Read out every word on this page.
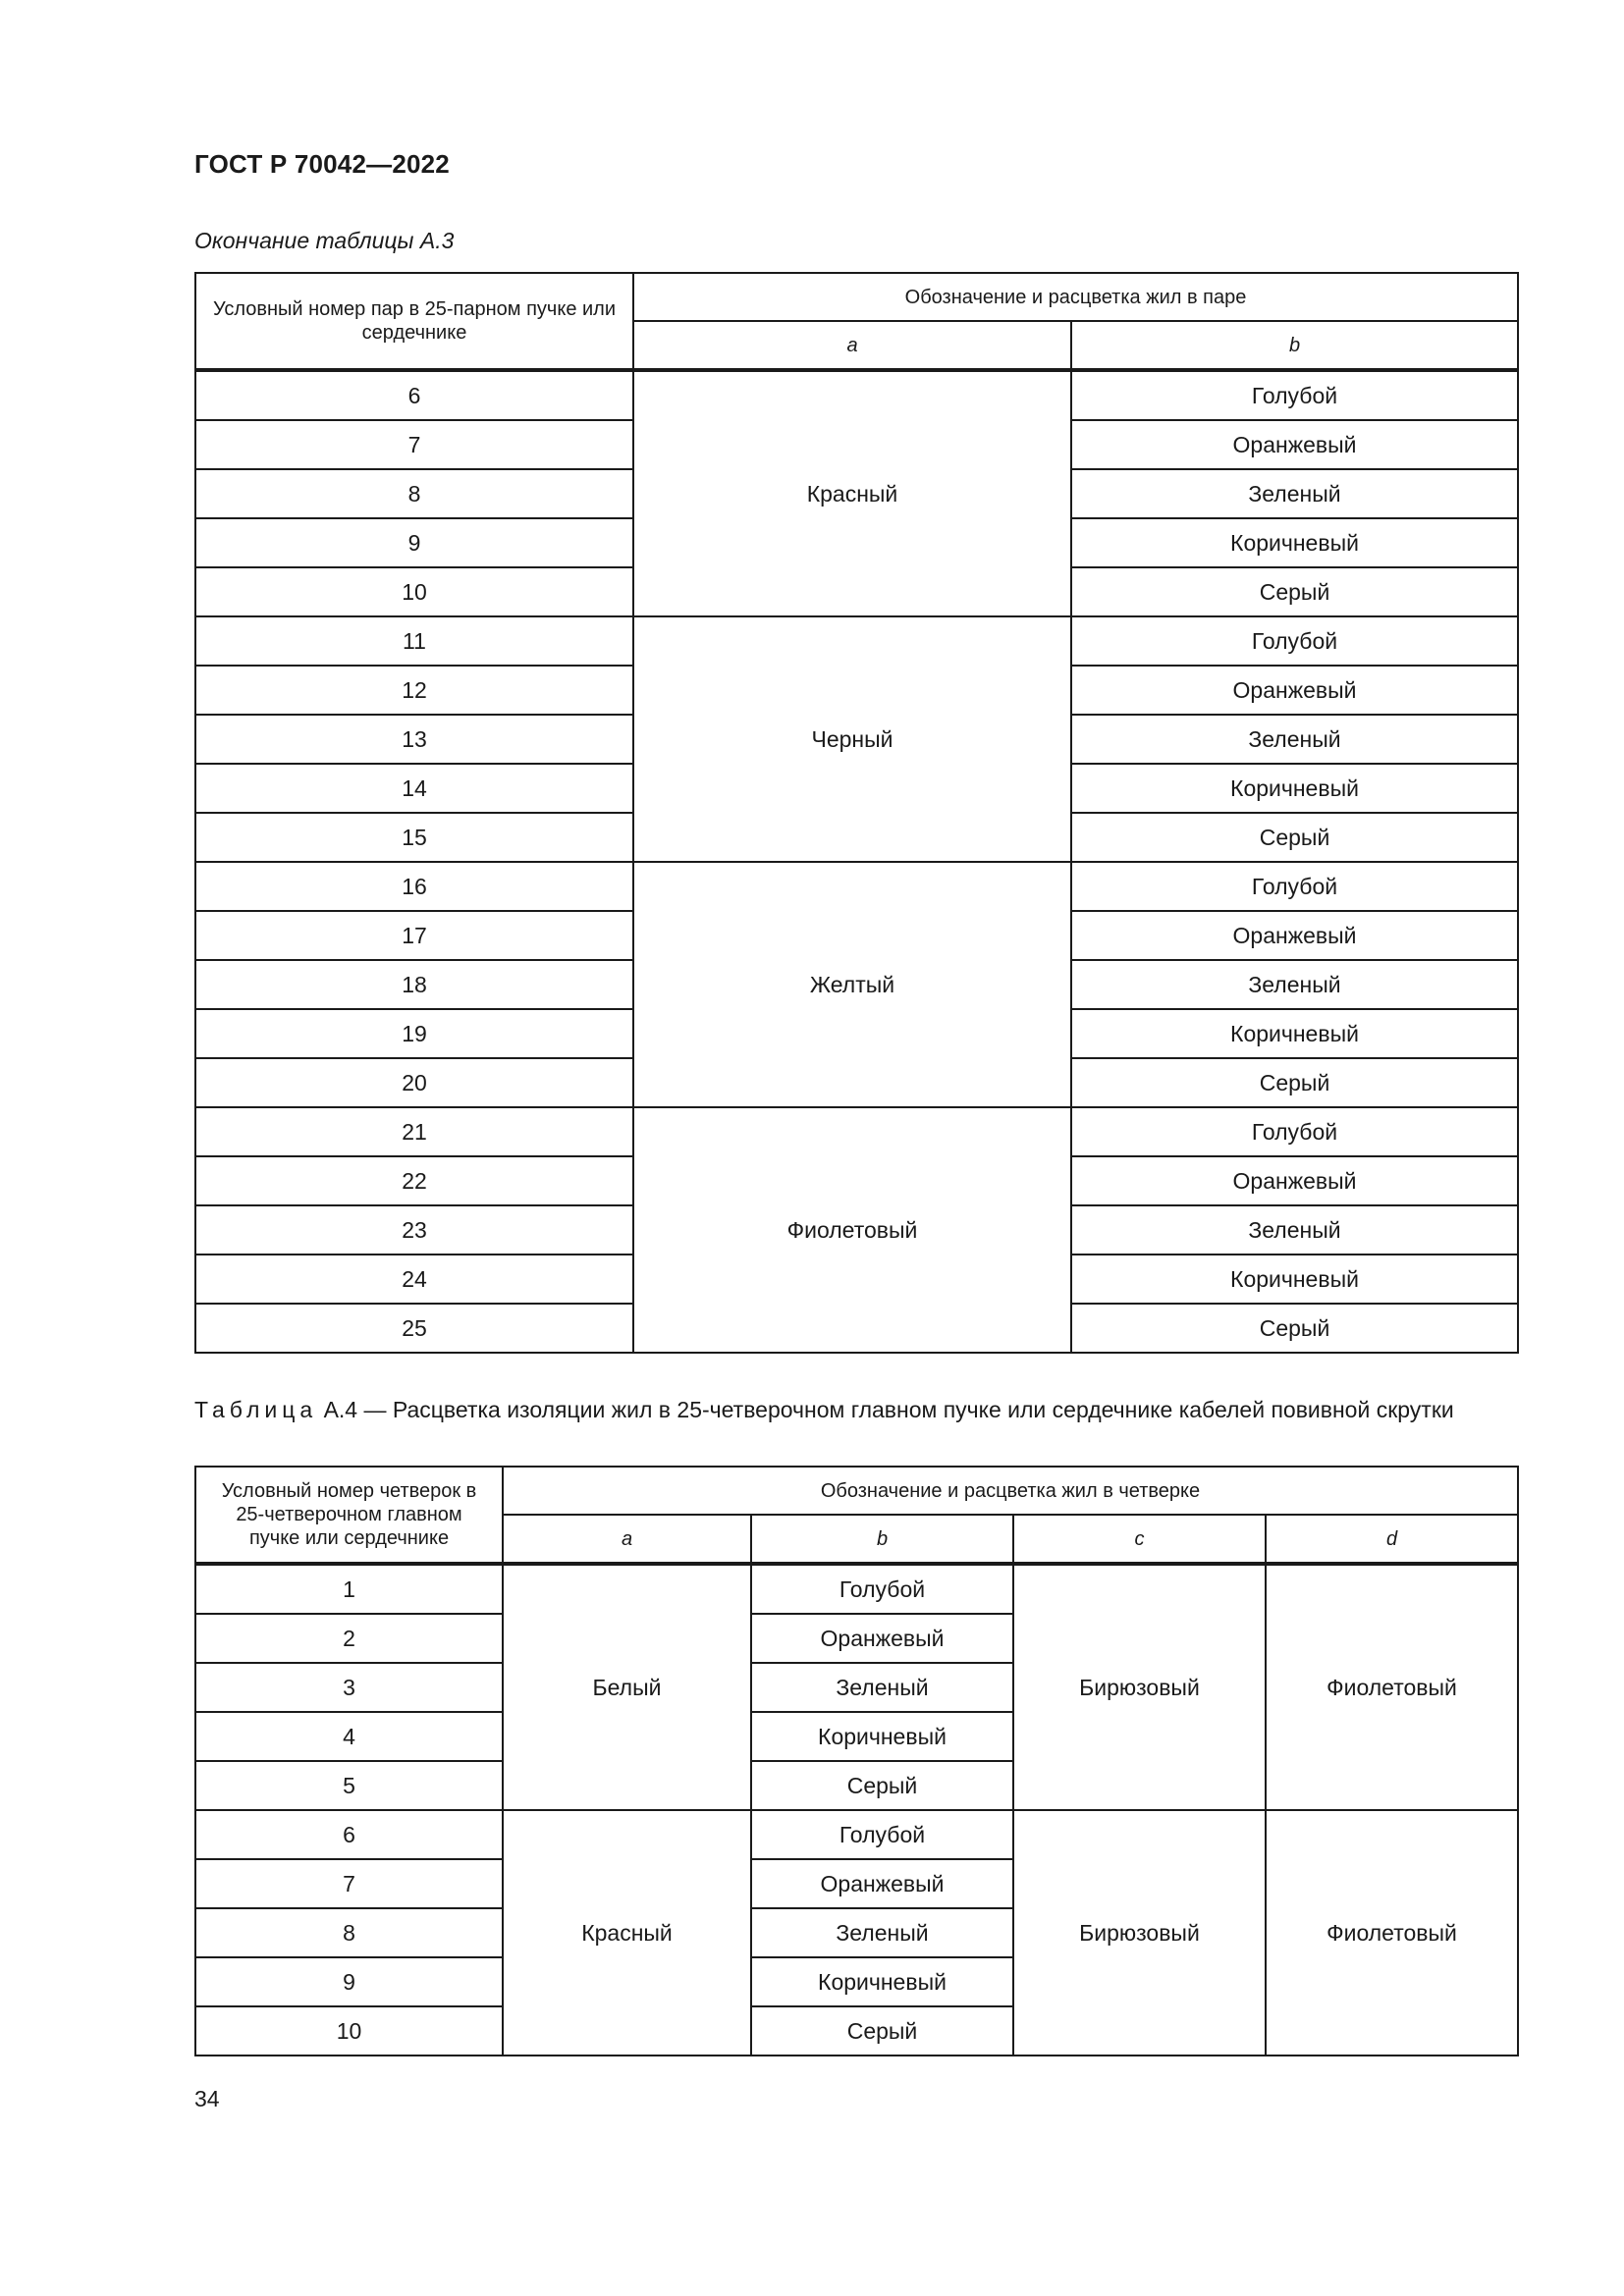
ГОСТ Р 70042—2022
Окончание таблицы А.3
Условный номер пар в 25-парном пучке или сердечнике	Обозначение и расцветка жил в паре	
	a	b
6	Красный	Голубой
7		Оранжевый
8		Зеленый
9		Коричневый
10		Серый
11	Черный	Голубой
12		Оранжевый
13		Зеленый
14		Коричневый
15		Серый
16	Желтый	Голубой
17		Оранжевый
18		Зеленый
19		Коричневый
20		Серый
21	Фиолетовый	Голубой
22		Оранжевый
23		Зеленый
24		Коричневый
25		Серый
Таблица А.4 — Расцветка изоляции жил в 25-четверочном главном пучке или сердечнике кабелей повивной скрутки
Условный номер четверок в 25-четверочном главном пучке или сердечнике	Обозначение и расцветка жил в четверке			
	a	b	c	d
1	Белый	Голубой	Бирюзовый	Фиолетовый
2		Оранжевый		
3		Зеленый		
4		Коричневый		
5		Серый		
6	Красный	Голубой	Бирюзовый	Фиолетовый
7		Оранжевый		
8		Зеленый		
9		Коричневый		
10		Серый		
34
